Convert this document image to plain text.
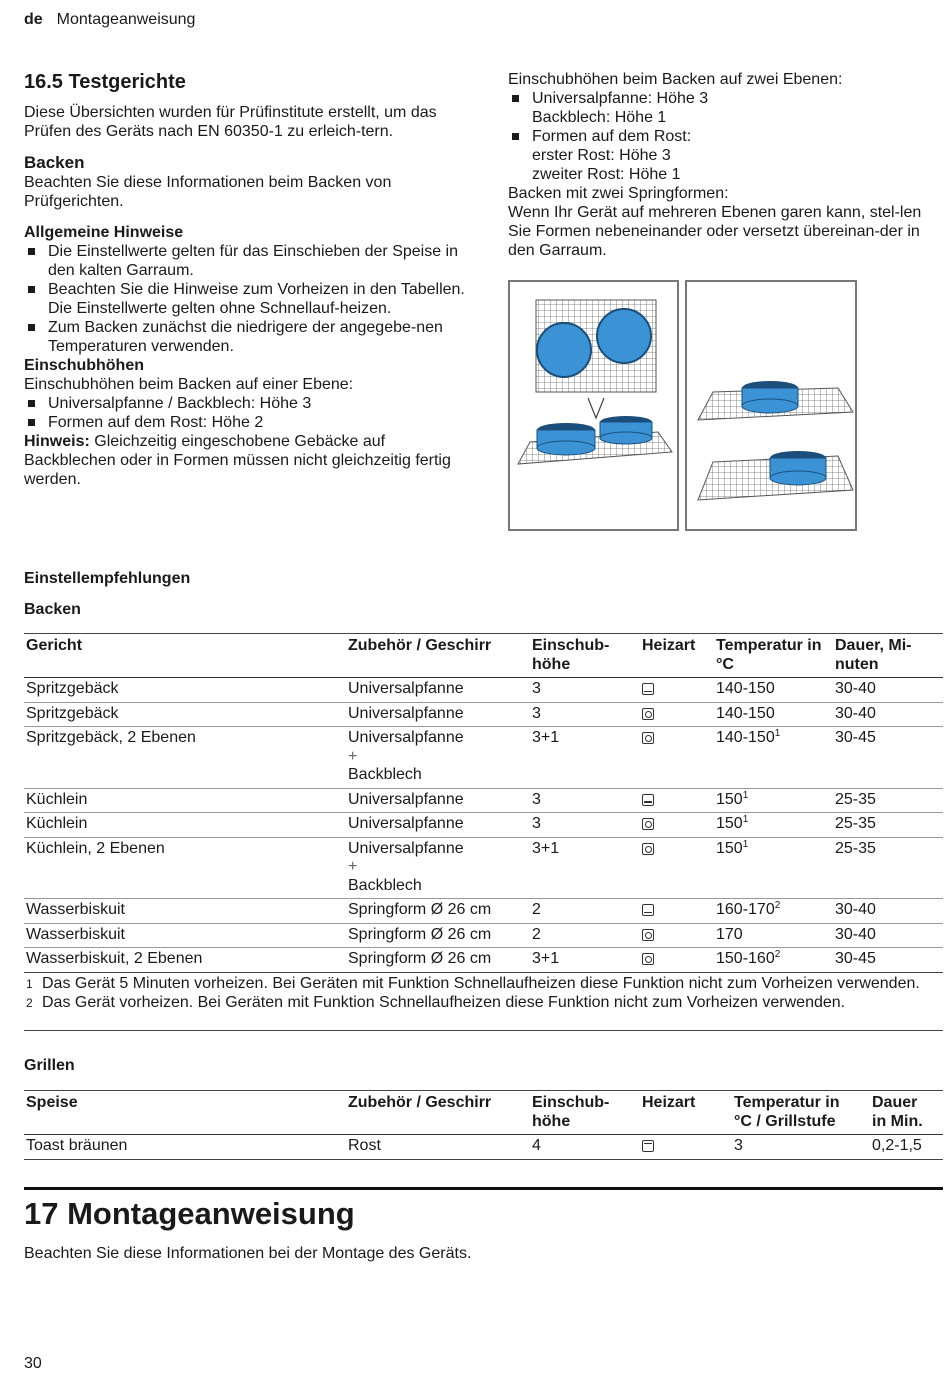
de Montageanweisung
16.5 Testgerichte

Diese Übersichten wurden für Prüfinstitute erstellt, um das Prüfen des Geräts nach EN 60350-1 zu erleich-tern.

Backen

Beachten Sie diese Informationen beim Backen von Prüfgerichten.

Allgemeine Hinweise
Die Einstellwerte gelten für das Einschieben der Speise in den kalten Garraum.
Beachten Sie die Hinweise zum Vorheizen in den Tabellen. Die Einstellwerte gelten ohne Schnellauf-heizen.
Zum Backen zunächst die niedrigere der angegebe-nen Temperaturen verwenden.
Einschubhöhen

Einschubhöhen beim Backen auf einer Ebene:

Universalpfanne / Backblech: Höhe 3
Formen auf dem Rost: Höhe 2

Hinweis: Gleichzeitig eingeschobene Gebäcke auf Backblechen oder in Formen müssen nicht gleichzeitig fertig werden.

Einschubhöhen beim Backen auf zwei Ebenen:

Universalpfanne: Höhe 3
Backblech: Höhe 1
Formen auf dem Rost:
erster Rost: Höhe 3
zweiter Rost: Höhe 1

Backen mit zwei Springformen:

Wenn Ihr Gerät auf mehreren Ebenen garen kann, stel-len Sie Formen nebeneinander oder versetzt übereinan-der in den Garraum.

Einstellempfehlungen
Backen
Gericht	Zubehör / Geschirr	Einschub-höhe	Heizart	Temperatur in °C	Dauer, Mi-nuten
Spritzgebäck	Universalpfanne	3		140-150	30-40
Spritzgebäck	Universalpfanne	3		140-150	30-40
Spritzgebäck, 2 Ebenen	Universalpfanne
+
Backblech	3+1		$140-150^1$	30-45
Küchlein	Universalpfanne	3		$150^1$	25-35
Küchlein	Universalpfanne	3		$150^1$	25-35
Küchlein, 2 Ebenen	Universalpfanne
+
Backblech	3+1		$150^1$	25-35
Wasserbiskuit	Springform Ø 26 cm	2		$160-170^2$	30-40
Wasserbiskuit	Springform Ø 26 cm	2		170	30-40
Wasserbiskuit, 2 Ebenen	Springform Ø 26 cm	3+1		$150-160^2$	30-45
1 Das Gerät 5 Minuten vorheizen. Bei Geräten mit Funktion Schnellaufheizen diese Funktion nicht zum Vorheizen verwenden.
2 Das Gerät vorheizen. Bei Geräten mit Funktion Schnellaufheizen diese Funktion nicht zum Vorheizen verwenden.
Grillen
Speise	Zubehör / Geschirr	Einschub-höhe	Heizart	Temperatur in °C / Grillstufe	Dauer in Min.
Toast bräunen	Rost	4		3	0,2-1,5
17 Montageanweisung

Beachten Sie diese Informationen bei der Montage des Geräts.

30
